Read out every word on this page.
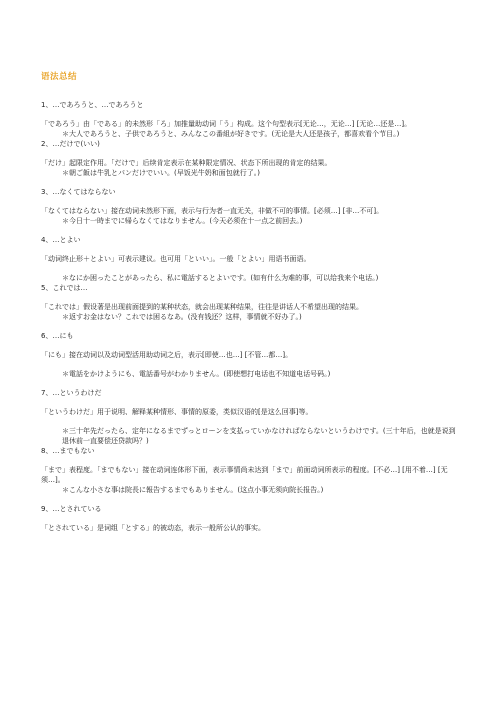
语法总结

1、…であろうと、…であろうと

「であろう」由「である」的未然形「ろ」加推量助动词「う」构成。这个句型表示[无论…，无论…] [无论…还是…]。

＊大人であろうと、子供であろうと、みんなこの番組が好きです。(无论是大人还是孩子，都喜欢看个节目。)

2、…だけで(いい)

「だけ」起限定作用。「だけで」后续肯定表示在某种限定情况、状态下所出现的肯定的结果。

＊朝ご飯は牛乳とパンだけでいい。(早饭光牛奶和面包就行了。)

3、…なくてはならない

「なくてはならない」接在动词未然形下面，表示与行为者一直无关，非做不可的事情。[必须…] [非…不可]。

＊今日十一時までに帰らなくてはなりません。(今天必须在十一点之前回去。)

4、…とよい

「动词终止形＋とよい」可表示建议。也可用「といい」。一般「とよい」用语书面语。

＊なにか困ったことがあったら、私に電話するとよいです。(如有什么为难的事，可以给我来个电话。)

5、これでは…

「これでは」假设著是出现前面提到的某种状态，就会出现某种结果，往往是讲话人不希望出现的结果。

＊返すお金はない？これでは困るなあ。(没有钱还？这样，事情就不好办了。)

6、…にも

「にも」接在动词以及动词型活用助动词之后，表示[即使…也…] [不管…都…]。

＊電話をかけようにも、電話番号がわかりません。(即使想打电话也不知道电话号码。)

7、…というわけだ

「というわけだ」用于说明、解释某种情形、事情的原委，类似汉语的[是这么回事]等。

＊三十年先だったら、定年になるまでずっとローンを支払っていかなければならないというわけです。(三十年后，也就是说到退休前一直要偿还贷款吗？)

8、…までもない

「まで」表程度。「までもない」接在动词连体形下面，表示事情尚未达到「まで」前面动词所表示的程度。[不必…] [用不着…] [无须…]。

＊こんな小さな事は院長に報告するまでもありません。(这点小事无须向院长报告。)

9、…とされている

「とされている」是词组「とする」的被动态，表示一般所公认的事实。
